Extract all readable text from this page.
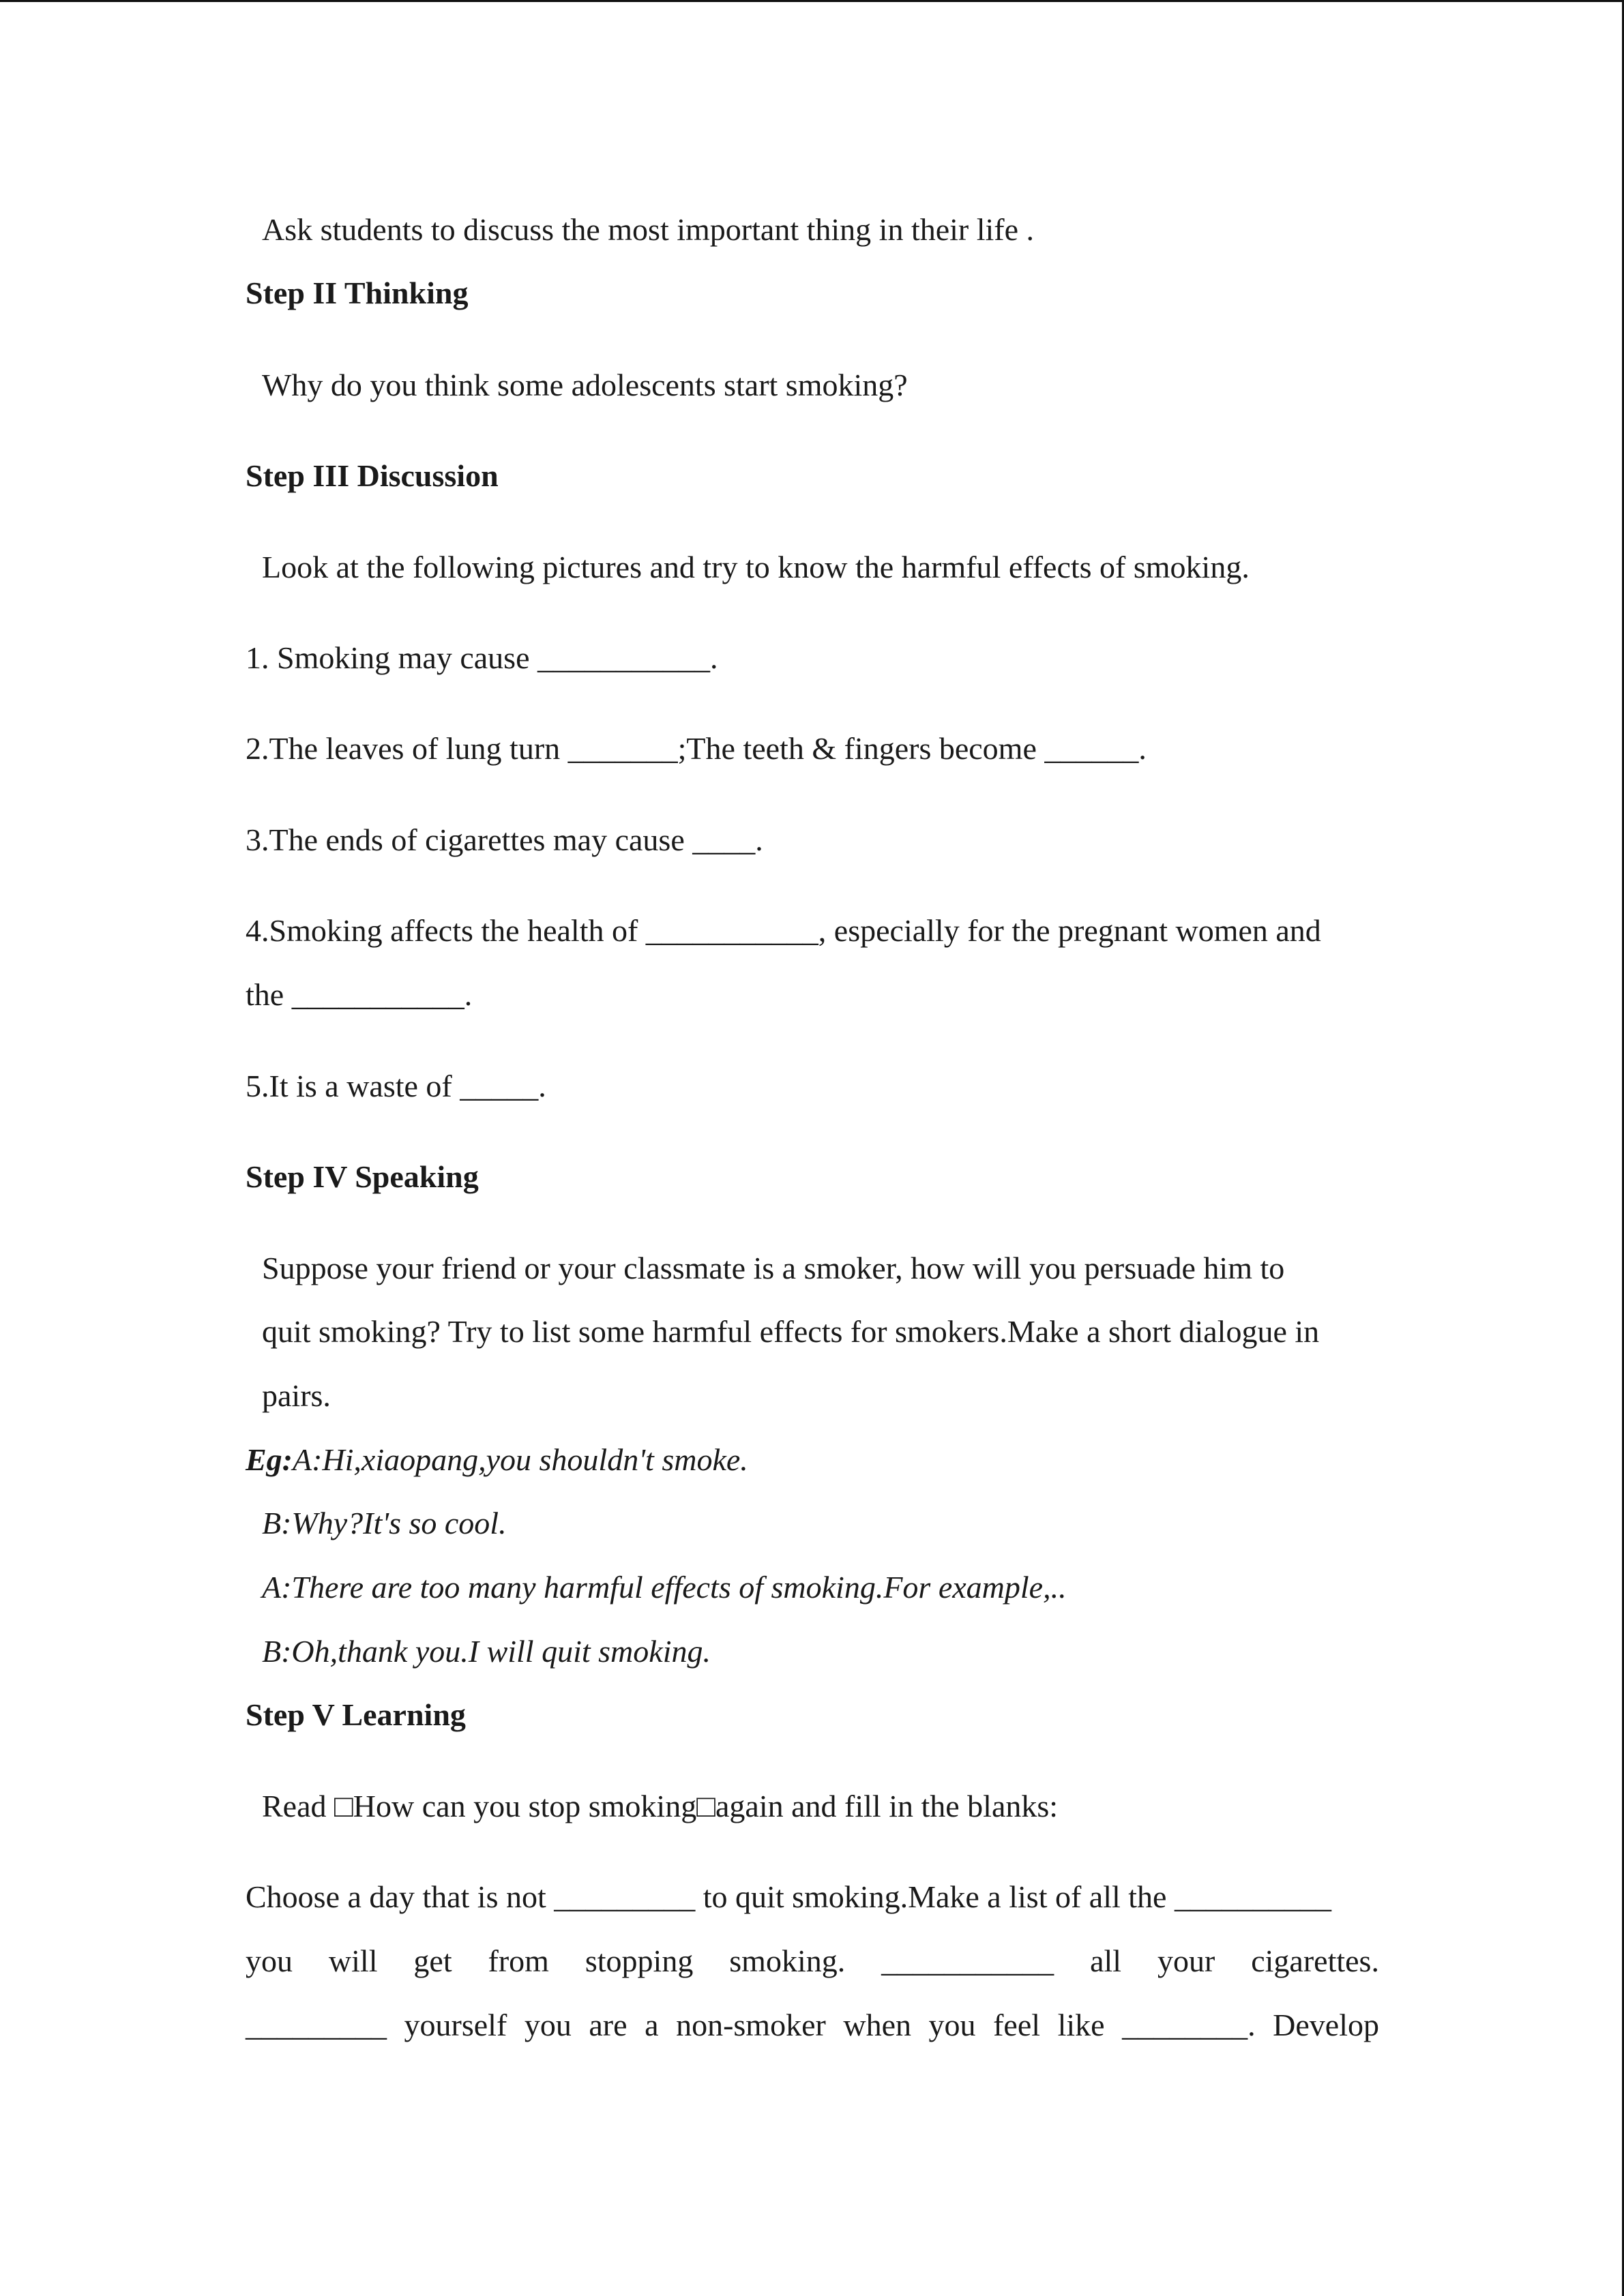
Ask students to discuss the most important thing in their life .
Step II Thinking
Why do you think some adolescents start smoking?
Step III Discussion
Look at the following pictures and try to know the harmful effects of smoking.
1. Smoking may cause ___________.
2.The leaves of lung turn _______;The teeth & fingers become ______.
3.The ends of cigarettes may cause ____.
4.Smoking affects the health of ___________, especially for the pregnant women and
the ___________.
5.It is a waste of _____.
Step IV Speaking
Suppose your friend or your classmate is a smoker, how will you persuade him to
quit smoking? Try to list some harmful effects for smokers.Make a short dialogue in
pairs.
Eg:A:Hi,xiaopang,you shouldn't smoke.
B:Why?It's so cool.
A:There are too many harmful effects of smoking.For example,..
B:Oh,thank you.I will quit smoking.
Step V Learning
Read □How can you stop smoking□again and fill in the blanks:
Choose a day that is not _________ to quit smoking.Make a list of all the __________
you will get from stopping smoking. ___________ all your cigarettes.
_________ yourself you are a non-smoker when you feel like ________. Develop
